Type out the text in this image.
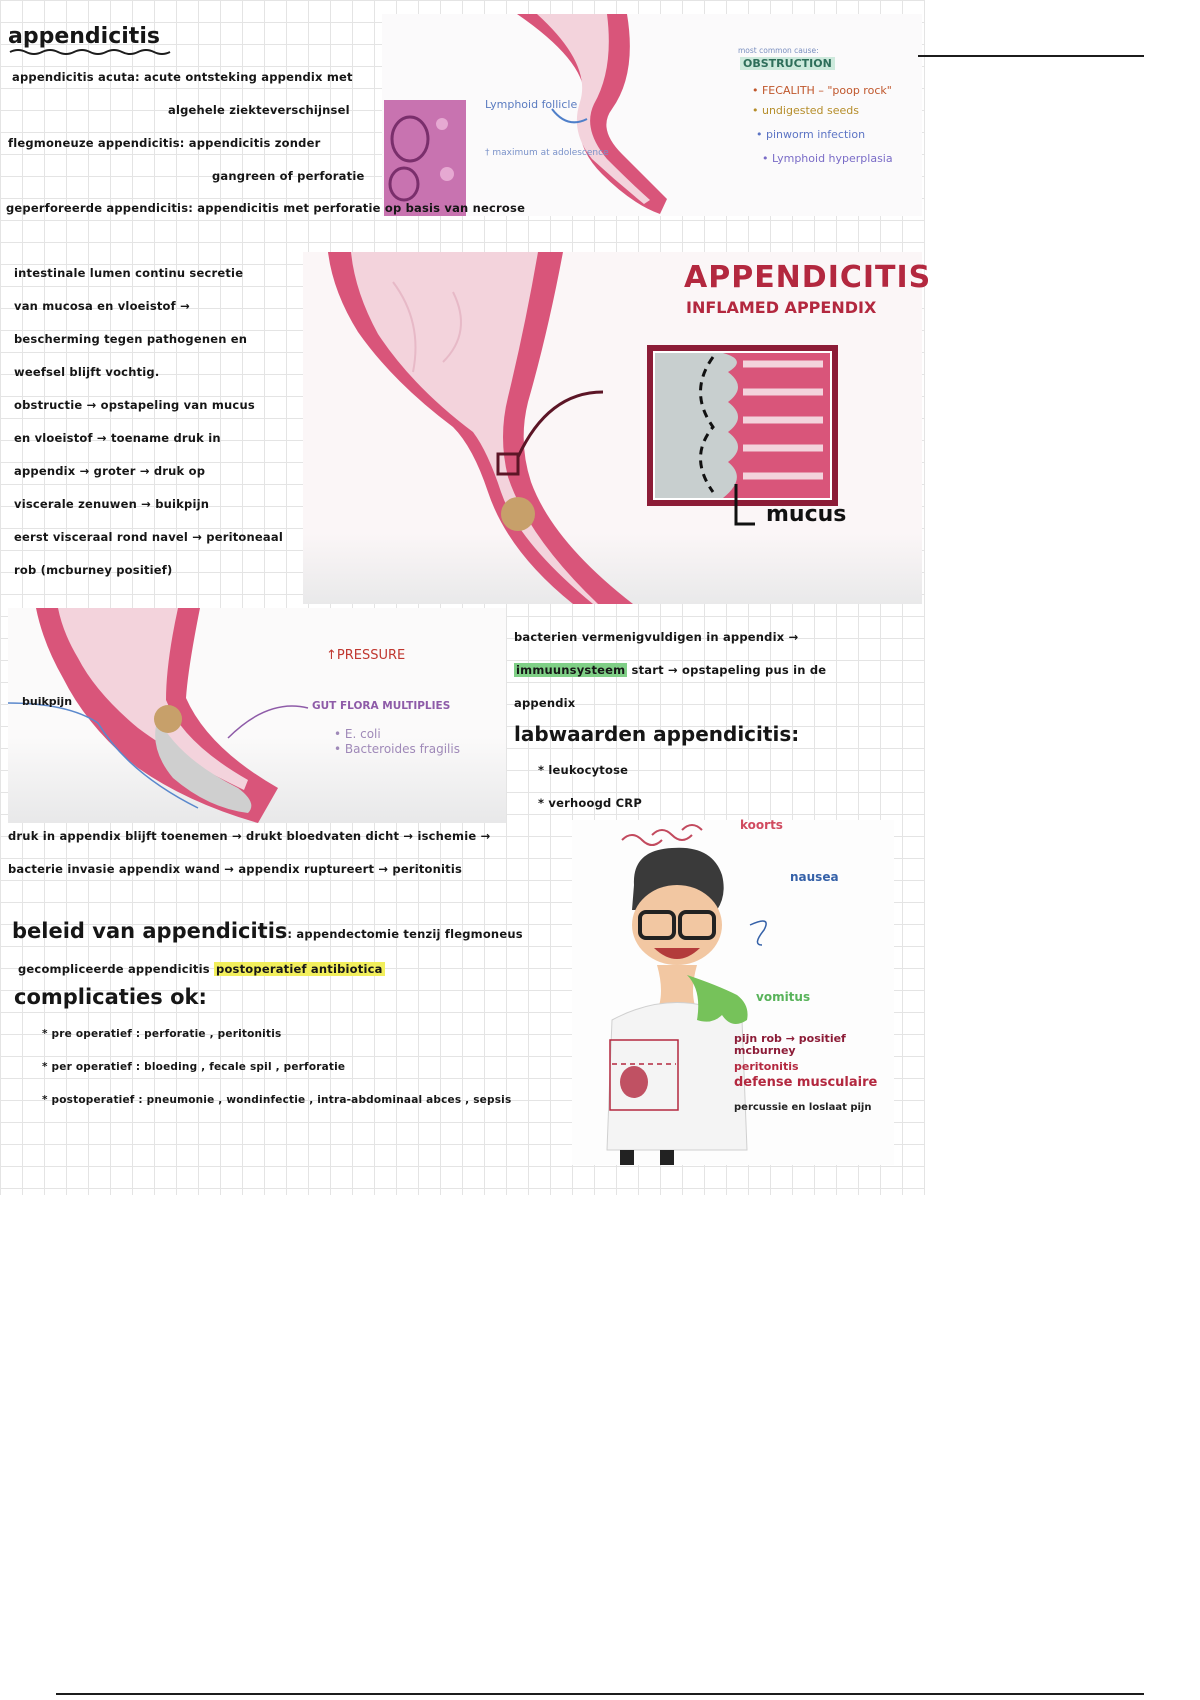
appendicitis
appendicitis acuta: acute ontsteking appendix met
algehele ziekteverschijnsel
flegmoneuze appendicitis: appendicitis zonder
gangreen of perforatie
Lymphoid follicle
† maximum at adolescence
most common cause:
OBSTRUCTION
• FECALITH – "poop rock"
• undigested seeds
• pinworm infection
• Lymphoid hyperplasia
geperforeerde appendicitis: appendicitis met perforatie op basis van necrose
intestinale lumen continu secretie
van mucosa en vloeistof →
bescherming tegen pathogenen en
weefsel blijft vochtig.
obstructie → opstapeling van mucus
en vloeistof → toename druk in
appendix → groter → druk op
viscerale zenuwen → buikpijn
eerst visceraal rond navel → peritoneaal
rob (mcburney positief)
APPENDICITIS
INFLAMED APPENDIX
mucus
↑PRESSURE
buikpijn	GUT FLORA MULTIPLIES
• E. coli
• Bacteroides fragilis
bacterien vermenigvuldigen in appendix →
immuunsysteem start → opstapeling pus in de
appendix
labwaarden appendicitis:
* leukocytose
* verhoogd CRP
druk in appendix blijft toenemen → drukt bloedvaten dicht → ischemie →
bacterie invasie appendix wand → appendix ruptureert → peritonitis
beleid van appendicitis: appendectomie tenzij flegmoneus
gecompliceerde appendicitis postoperatief antibiotica
complicaties ok:
* pre operatief : perforatie , peritonitis
* per operatief : bloeding , fecale spil , perforatie
* postoperatief : pneumonie , wondinfectie , intra-abdominaal abces , sepsis
koorts
nausea
vomitus
pijn rob → positief mcburney
peritonitis
defense musculaire
percussie en loslaat pijn
